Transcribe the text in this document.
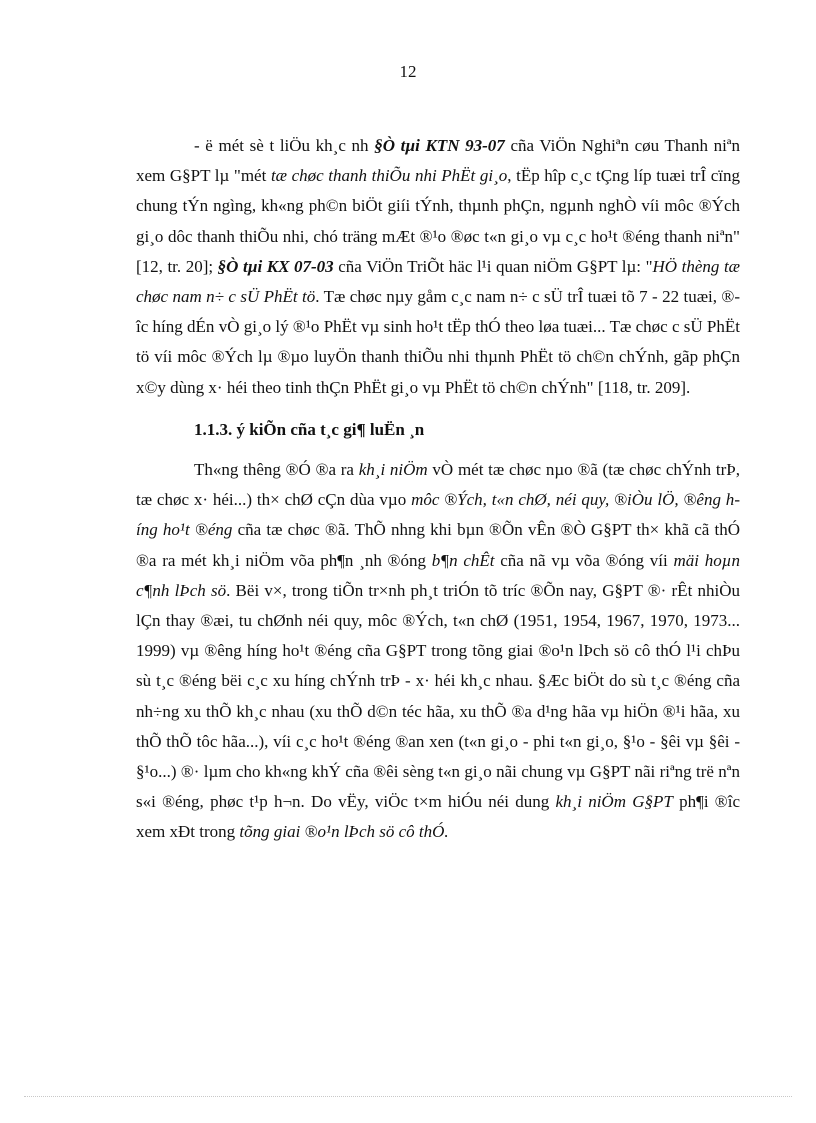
12

- ë mét sè t liÖu kh¸c nh §Ò tµi KTN 93-07 cña ViÖn Nghiªn cøu Thanh niªn xem G§PT lµ "mét tæ chøc thanh thiÕu nhi PhËt gi¸o, tËp hîp c¸c tÇng líp tuæi trÎ cïng chung tÝn ngìng, kh«ng ph©n biÖt giíi tÝnh, thµnh phÇn, ngµnh nghÒ víi môc ®Ých gi¸o dôc thanh thiÕu nhi, chó träng mÆt ®¹o ®øc t«n gi¸o vµ c¸c ho¹t ®éng thanh niªn" [12, tr. 20]; §Ò tµi KX 07-03 cña ViÖn TriÕt häc l¹i quan niÖm G§PT lµ: "HÖ thèng tæ chøc nam n÷ c sÜ PhËt tö. Tæ chøc nµy gåm c¸c nam n÷ c sÜ trÎ tuæi tõ 7 - 22 tuæi, ®îc híng dÉn vÒ gi¸o lý ®¹o PhËt vµ sinh ho¹t tËp thÓ theo løa tuæi... Tæ chøc c sÜ PhËt tö víi môc ®Ých lµ ®µo luyÖn thanh thiÕu nhi thµnh PhËt tö ch©n chÝnh, gãp phÇn x©y dùng x· héi theo tinh thÇn PhËt gi¸o vµ PhËt tö ch©n chÝnh" [118, tr. 209].

1.1.3. ý kiÕn cña t¸c gi¶ luËn ¸n

Th«ng thêng ®Ó ®a ra kh¸i niÖm vÒ mét tæ chøc nµo ®ã (tæ chøc chÝnh trÞ, tæ chøc x· héi...) th× chØ cÇn dùa vµo môc ®Ých, t«n chØ, néi quy, ®iÒu lÖ, ®êng híng ho¹t ®éng cña tæ chøc ®ã. ThÕ nhng khi bµn ®Õn vÊn ®Ò G§PT th× khã cã thÓ ®a ra mét kh¸i niÖm võa ph¶n ¸nh ®óng b¶n chÊt cña nã vµ võa ®óng víi mäi hoµn c¶nh lÞch sö. Bëi v×, trong tiÕn tr×nh ph¸t triÓn tõ tríc ®Õn nay, G§PT ®· rÊt nhiÒu lÇn thay ®æi, tu chØnh néi quy, môc ®Ých, t«n chØ (1951, 1954, 1967, 1970, 1973... 1999) vµ ®êng híng ho¹t ®éng cña G§PT trong tõng giai ®o¹n lÞch sö cô thÓ l¹i chÞu sù t¸c ®éng bëi c¸c xu híng chÝnh trÞ - x· héi kh¸c nhau. §Æc biÖt do sù t¸c ®éng cña nh÷ng xu thÕ kh¸c nhau (xu thÕ d©n téc hãa, xu thÕ ®a d¹ng hãa vµ hiÖn ®¹i hãa, xu thÕ thÕ tôc hãa...), víi c¸c ho¹t ®éng ®an xen (t«n gi¸o - phi t«n gi¸o, §¹o - §êi vµ §êi - §¹o...) ®· lµm cho kh«ng khÝ cña ®êi sèng t«n gi¸o nãi chung vµ G§PT nãi riªng trë nªn s«i ®éng, phøc t¹p h¬n. Do vËy, viÖc t×m hiÓu néi dung kh¸i niÖm G§PT ph¶i ®îc xem xÐt trong tõng giai ®o¹n lÞch sö cô thÓ.
